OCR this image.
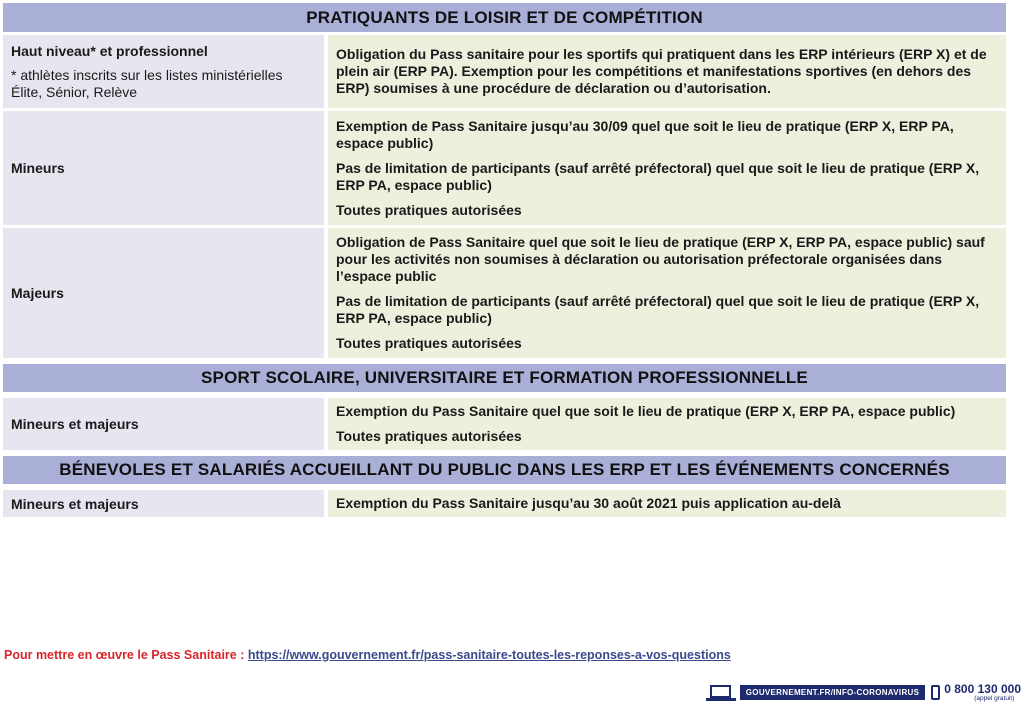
PRATIQUANTS DE LOISIR ET DE COMPÉTITION
Haut niveau* et professionnel
* athlètes inscrits sur les listes ministérielles Élite, Sénior, Relève

Obligation du Pass sanitaire pour les sportifs qui pratiquent dans les ERP intérieurs (ERP X) et de plein air (ERP PA). Exemption pour les compétitions et manifestations sportives (en dehors des ERP) soumises à une procédure de déclaration ou d’autorisation.

Mineurs

Exemption de Pass Sanitaire jusqu’au 30/09 quel que soit le lieu de pratique (ERP X, ERP PA, espace public)

Pas de limitation de participants (sauf arrêté préfectoral) quel que soit le lieu de pratique (ERP X, ERP PA, espace public)

Toutes pratiques autorisées

Majeurs

Obligation de Pass Sanitaire quel que soit le lieu de pratique (ERP X, ERP PA, espace public) sauf pour les activités non soumises à déclaration ou autorisation préfectorale organisées dans l’espace public

Pas de limitation de participants (sauf arrêté préfectoral) quel que soit le lieu de pratique (ERP X, ERP PA, espace public)

Toutes pratiques autorisées

SPORT SCOLAIRE, UNIVERSITAIRE ET FORMATION PROFESSIONNELLE
Mineurs et majeurs

Exemption du Pass Sanitaire quel que soit le lieu de pratique (ERP X, ERP PA, espace public)

Toutes pratiques autorisées

BÉNEVOLES ET SALARIÉS ACCUEILLANT DU PUBLIC DANS LES ERP ET LES ÉVÉNEMENTS CONCERNÉS
Mineurs et majeurs	Exemption du Pass Sanitaire jusqu’au 30 août 2021 puis application au-delà

Pour mettre en œuvre le Pass Sanitaire : https://www.gouvernement.fr/pass-sanitaire-toutes-les-reponses-a-vos-questions
GOUVERNEMENT.FR/INFO-CORONAVIRUS	0 800 130 000
(appel gratuit)
